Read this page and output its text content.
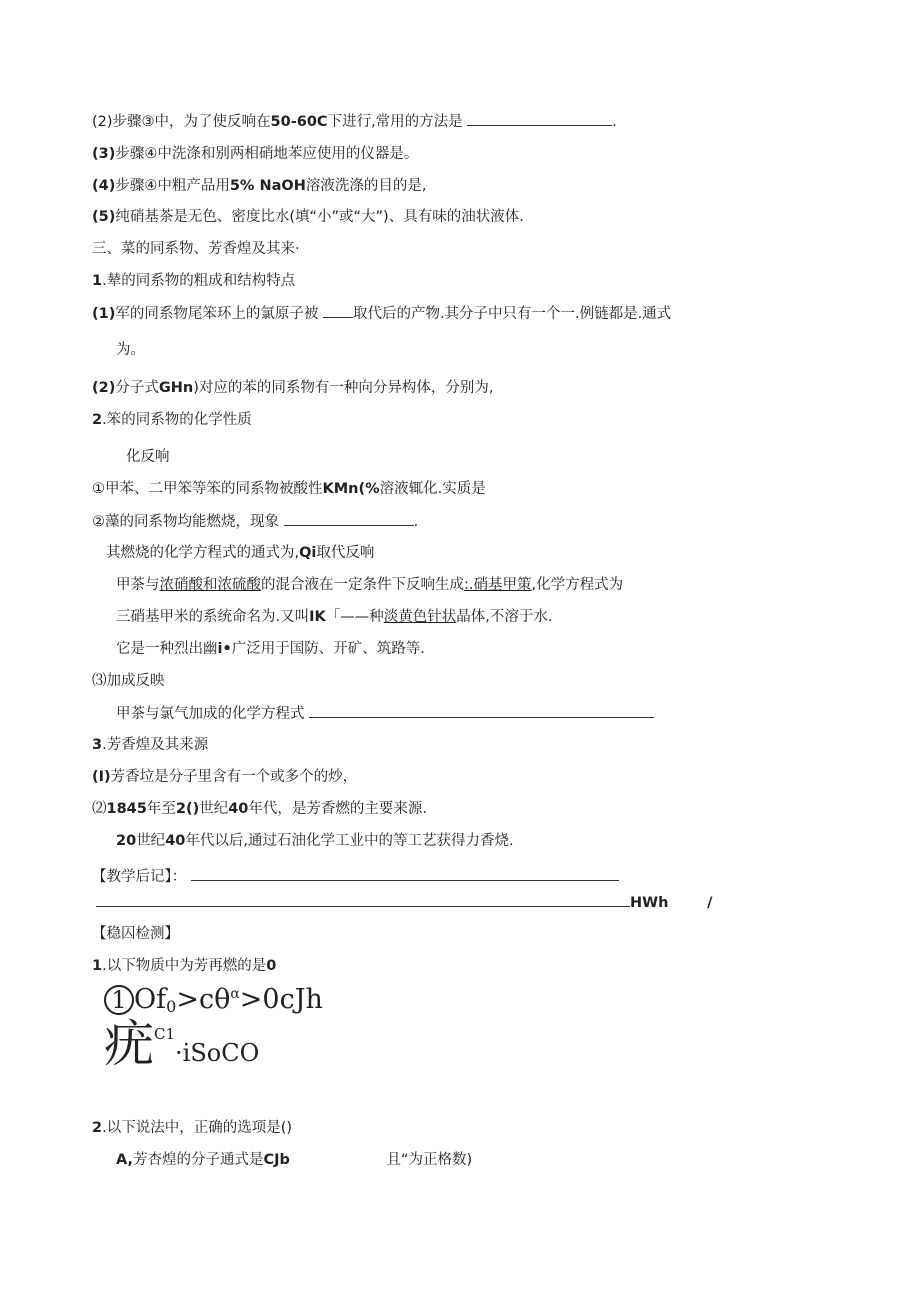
(2)步骤③中，为了使反响在50-60C下进行,常用的方法是	.
(3)步骤④中洗涤和别两相硝地苯应使用的仪器是。
(4)步骤④中粗产品用5% NaOH溶液洗涤的目的是,
(5)纯硝基茶是无色、密度比水(填“小”或“大”)、具有味的油状液体.
三、菜的同系物、芳香煌及其来·
1.辇的同系物的粗成和结构特点
(1)军的同系物尾笨环上的氯原子被 取代后的产物.其分子中只有一个一.例链都是.通式
为。
(2)分子式GHn)对应的苯的同系物有一种向分异构体，分别为,
2.笨的同系物的化学性质
化反响
①甲苯、二甲笨等笨的同系物被酸性KMn(%溶液辄化.实质是
②藻的同系物均能燃烧，现象	.
其燃烧的化学方程式的通式为,Qi取代反响
甲茶与浓硝酸和浓硫酸的混合液在一定条件下反响生成:.硝基甲策,化学方程式为
三硝基甲米的系统命名为.又叫IK「——种淡黄色针状晶体,不溶于水.
它是一种烈出幽i•广泛用于国防、开矿、筑路等.
⑶加成反映
甲茶与氯气加成的化学方程式
3.芳香煌及其来源
(I)芳香垃是分子里含有一个或多个的炒，
⑵1845年至2()世纪40年代，是芳香燃的主要来源.
20世纪40年代以后,通过石油化学工业中的等工艺获得力香烧.
【教学后记】：
HWh	/
【稳囚检测】
1.以下物质中为芳再燃的是0
1 $Of_0>c\theta^\alpha>0cJh$
疣C1·iSoCO
2.以下说法中，正确的选项是()
A,芳杏煌的分子通式是CJb	且“为正格数)
